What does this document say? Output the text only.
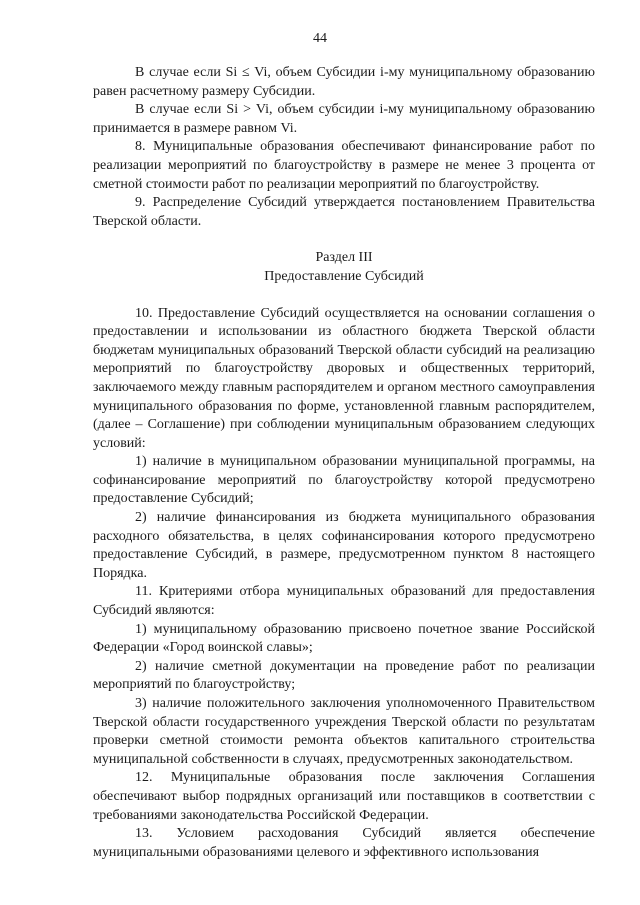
44

В случае если Si ≤ Vi, объем Субсидии i-му муниципальному образованию равен расчетному размеру Субсидии.

В случае если Si > Vi, объем субсидии i-му муниципальному образованию принимается в размере равном Vi.

8. Муниципальные образования обеспечивают финансирование работ по реализации мероприятий по благоустройству в размере не менее 3 процента от сметной стоимости работ по реализации мероприятий по благоустройству.

9. Распределение Субсидий утверждается постановлением Правительства Тверской области.

Раздел III

Предоставление Субсидий

10. Предоставление Субсидий осуществляется на основании соглашения о предоставлении и использовании из областного бюджета Тверской области бюджетам муниципальных образований Тверской области субсидий на реализацию мероприятий по благоустройству дворовых и общественных территорий, заключаемого между главным распорядителем и органом местного самоуправления муниципального образования по форме, установленной главным распорядителем, (далее – Соглашение) при соблюдении муниципальным образованием следующих условий:

1) наличие в муниципальном образовании муниципальной программы, на софинансирование мероприятий по благоустройству которой предусмотрено предоставление Субсидий;

2) наличие финансирования из бюджета муниципального образования расходного обязательства, в целях софинансирования которого предусмотрено предоставление Субсидий, в размере, предусмотренном пунктом 8 настоящего Порядка.

11. Критериями отбора муниципальных образований для предоставления Субсидий являются:

1) муниципальному образованию присвоено почетное звание Российской Федерации «Город воинской славы»;

2) наличие сметной документации на проведение работ по реализации мероприятий по благоустройству;

3) наличие положительного заключения уполномоченного Правительством Тверской области государственного учреждения Тверской области по результатам проверки сметной стоимости ремонта объектов капитального строительства муниципальной собственности в случаях, предусмотренных законодательством.

12. Муниципальные образования после заключения Соглашения обеспечивают выбор подрядных организаций или поставщиков в соответствии с требованиями законодательства Российской Федерации.

13. Условием расходования Субсидий является обеспечение муниципальными образованиями целевого и эффективного использования
